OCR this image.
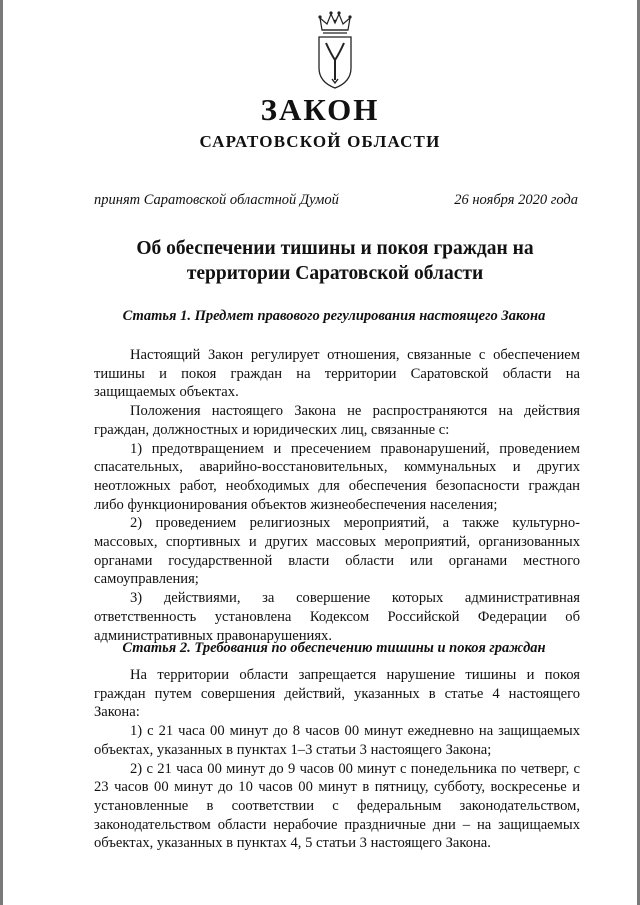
ЗАКОН
САРАТОВСКОЙ ОБЛАСТИ
принят Саратовской областной Думой	26 ноября 2020 года
Об обеспечении тишины и покоя граждан на территории Саратовской области
Статья 1. Предмет правового регулирования настоящего Закона

Настоящий Закон регулирует отношения, связанные с обеспечением тишины и покоя граждан на территории Саратовской области на защищаемых объектах.

Положения настоящего Закона не распространяются на действия граждан, должностных и юридических лиц, связанные с:

1) предотвращением и пресечением правонарушений, проведением спасательных, аварийно-восстановительных, коммунальных и других неотложных работ, необходимых для обеспечения безопасности граждан либо функционирования объектов жизнеобеспечения населения;

2) проведением религиозных мероприятий, а также культурно-массовых, спортивных и других массовых мероприятий, организованных органами государственной власти области или органами местного самоуправления;

3) действиями, за совершение которых административная ответственность установлена Кодексом Российской Федерации об административных правонарушениях.

Статья 2. Требования по обеспечению тишины и покоя граждан

На территории области запрещается нарушение тишины и покоя граждан путем совершения действий, указанных в статье 4 настоящего Закона:

1) с 21 часа 00 минут до 8 часов 00 минут ежедневно на защищаемых объектах, указанных в пунктах 1–3 статьи 3 настоящего Закона;

2) с 21 часа 00 минут до 9 часов 00 минут с понедельника по четверг, с 23 часов 00 минут до 10 часов 00 минут в пятницу, субботу, воскресенье и установленные в соответствии с федеральным законодательством, законодательством области нерабочие праздничные дни – на защищаемых объектах, указанных в пунктах 4, 5 статьи 3 настоящего Закона.
